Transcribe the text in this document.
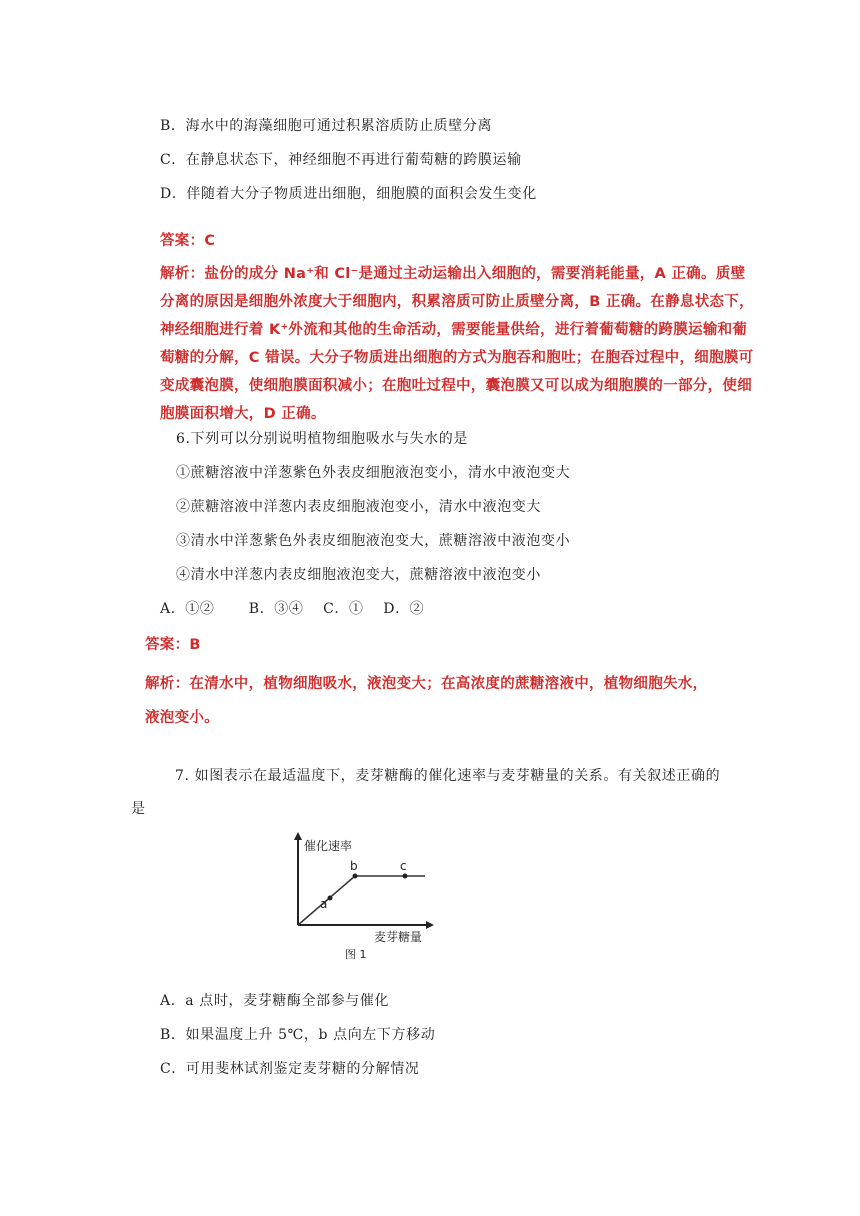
B．海水中的海藻细胞可通过积累溶质防止质壁分离
C．在静息状态下，神经细胞不再进行葡萄糖的跨膜运输
D．伴随着大分子物质进出细胞，细胞膜的面积会发生变化
答案：C
解析：盐份的成分 Na⁺和 Cl⁻是通过主动运输出入细胞的，需要消耗能量，A 正确。质壁
分离的原因是细胞外浓度大于细胞内，积累溶质可防止质壁分离，B 正确。在静息状态下，
神经细胞进行着 K⁺外流和其他的生命活动，需要能量供给，进行着葡萄糖的跨膜运输和葡
萄糖的分解，C 错误。大分子物质进出细胞的方式为胞吞和胞吐；在胞吞过程中，细胞膜可
变成囊泡膜，使细胞膜面积减小；在胞吐过程中，囊泡膜又可以成为细胞膜的一部分，使细
胞膜面积增大，D 正确。
6.下列可以分别说明植物细胞吸水与失水的是
①蔗糖溶液中洋葱紫色外表皮细胞液泡变小，清水中液泡变大
②蔗糖溶液中洋葱内表皮细胞液泡变小，清水中液泡变大
③清水中洋葱紫色外表皮细胞液泡变大，蔗糖溶液中液泡变小
④清水中洋葱内表皮细胞液泡变大，蔗糖溶液中液泡变小
A．①②　　 B．③④　 C．①　 D．②
答案：B
解析：在清水中，植物细胞吸水，液泡变大；在高浓度的蔗糖溶液中，植物细胞失水，
液泡变小。
7. 如图表示在最适温度下，麦芽糖酶的催化速率与麦芽糖量的关系。有关叙述正确的
是
催化速率
麦芽糖量
图 1
a
b	c
A．a 点时，麦芽糖酶全部参与催化
B．如果温度上升 5℃，b 点向左下方移动
C．可用斐林试剂鉴定麦芽糖的分解情况
